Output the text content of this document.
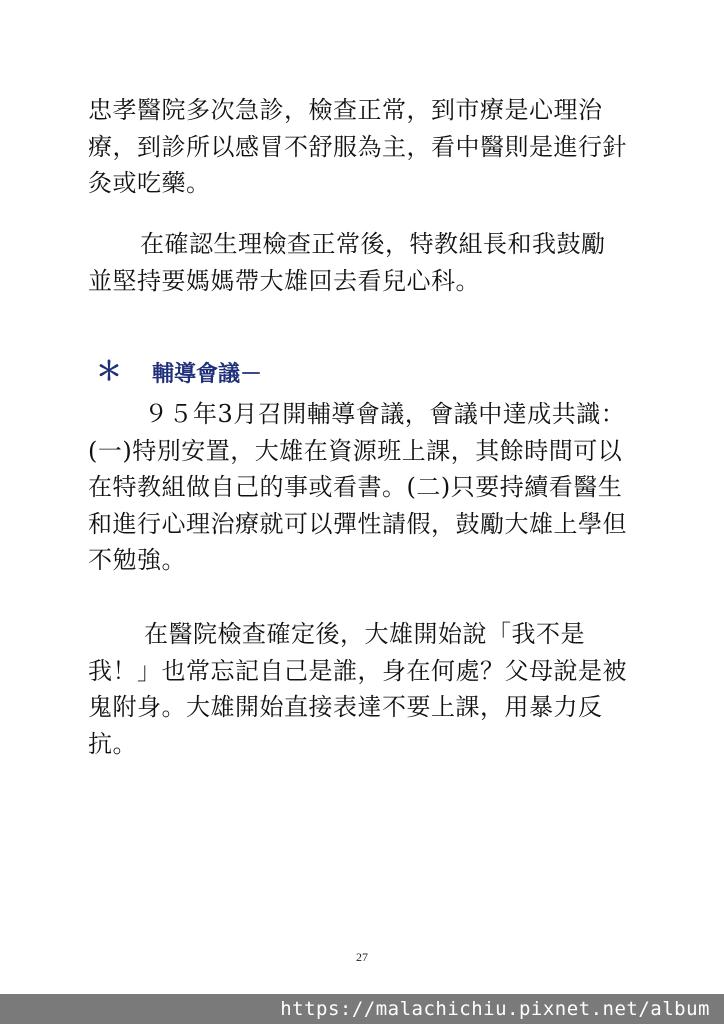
忠孝醫院多次急診，檢查正常，到市療是心理治療，到診所以感冒不舒服為主，看中醫則是進行針灸或吃藥。

在確認生理檢查正常後，特教組長和我鼓勵並堅持要媽媽帶大雄回去看兒心科。

＊ 輔導會議－

９５年3月召開輔導會議，會議中達成共識：(一)特別安置，大雄在資源班上課，其餘時間可以在特教組做自己的事或看書。(二)只要持續看醫生和進行心理治療就可以彈性請假，鼓勵大雄上學但不勉強。

在醫院檢查確定後，大雄開始說「我不是我！」也常忘記自己是誰，身在何處？父母說是被鬼附身。大雄開始直接表達不要上課，用暴力反抗。

27
https://malachichiu.pixnet.net/album
